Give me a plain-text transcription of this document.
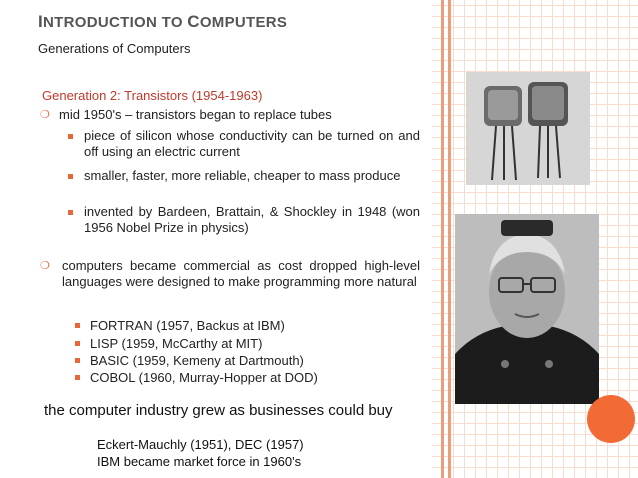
INTRODUCTION TO COMPUTERS
Generations of Computers
Generation 2: Transistors (1954-1963)
❍ mid 1950's – transistors began to replace tubes
piece of silicon whose conductivity can be turned on and off using an electric current
smaller, faster, more reliable, cheaper to mass produce
invented by Bardeen, Brattain, & Shockley in 1948 (won 1956 Nobel Prize in physics)
❍ computers became commercial as cost dropped high-level languages were designed to make programming more natural
FORTRAN (1957, Backus at IBM)
LISP (1959, McCarthy at MIT)
BASIC (1959, Kemeny at Dartmouth)
COBOL (1960, Murray-Hopper at DOD)
the computer industry grew as businesses could buy
Eckert-Mauchly (1951), DEC (1957)
IBM became market force in 1960's
